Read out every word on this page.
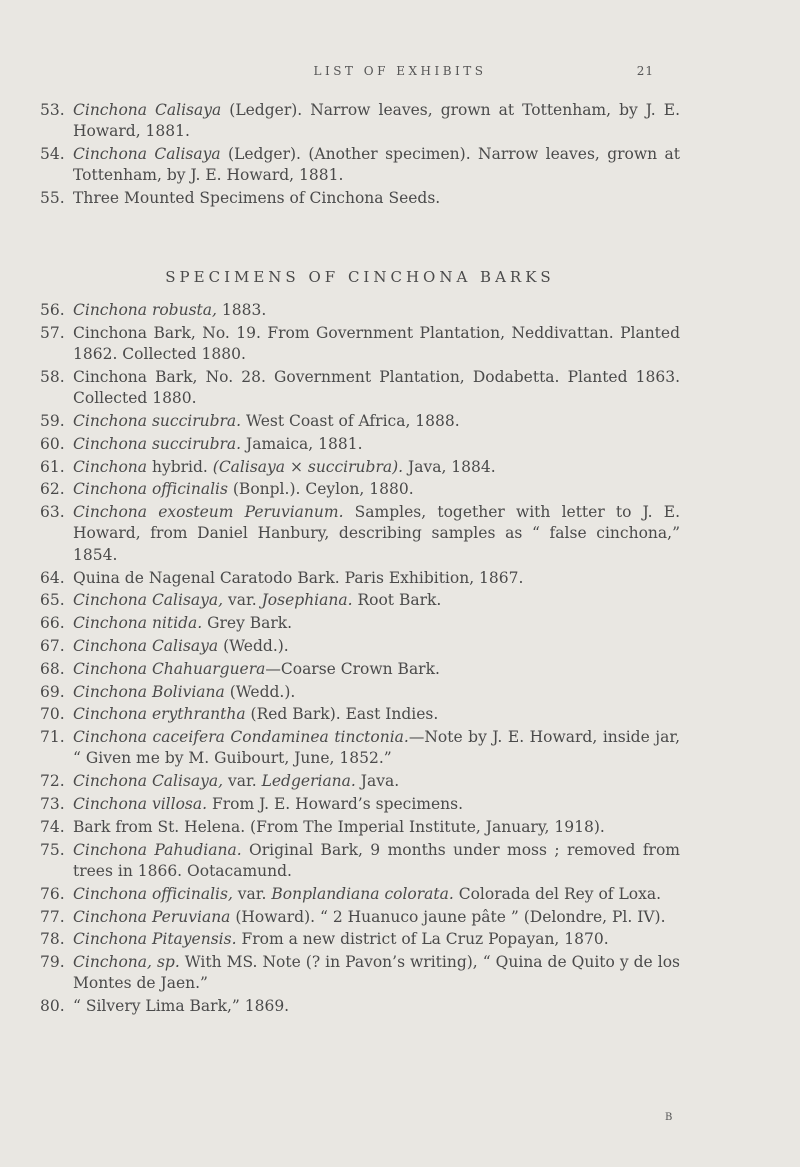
LIST OF EXHIBITS	21
53. Cinchona Calisaya (Ledger). Narrow leaves, grown at Tottenham, by J. E. Howard, 1881.
54. Cinchona Calisaya (Ledger). (Another specimen). Narrow leaves, grown at Tottenham, by J. E. Howard, 1881.
55. Three Mounted Specimens of Cinchona Seeds.
SPECIMENS OF CINCHONA BARKS
56. Cinchona robusta, 1883.
57. Cinchona Bark, No. 19. From Government Plantation, Neddivattan. Planted 1862. Collected 1880.
58. Cinchona Bark, No. 28. Government Plantation, Dodabetta. Planted 1863. Collected 1880.
59. Cinchona succirubra. West Coast of Africa, 1888.
60. Cinchona succirubra. Jamaica, 1881.
61. Cinchona hybrid. (Calisaya × succirubra). Java, 1884.
62. Cinchona officinalis (Bonpl.). Ceylon, 1880.
63. Cinchona exosteum Peruvianum. Samples, together with letter to J. E. Howard, from Daniel Hanbury, describing samples as “ false cinchona,” 1854.
64. Quina de Nagenal Caratodo Bark. Paris Exhibition, 1867.
65. Cinchona Calisaya, var. Josephiana. Root Bark.
66. Cinchona nitida. Grey Bark.
67. Cinchona Calisaya (Wedd.).
68. Cinchona Chahuarguera—Coarse Crown Bark.
69. Cinchona Boliviana (Wedd.).
70. Cinchona erythrantha (Red Bark). East Indies.
71. Cinchona caceifera Condaminea tinctonia.—Note by J. E. Howard, inside jar, “ Given me by M. Guibourt, June, 1852.”
72. Cinchona Calisaya, var. Ledgeriana. Java.
73. Cinchona villosa. From J. E. Howard’s specimens.
74. Bark from St. Helena. (From The Imperial Institute, January, 1918).
75. Cinchona Pahudiana. Original Bark, 9 months under moss ; removed from trees in 1866. Ootacamund.
76. Cinchona officinalis, var. Bonplandiana colorata. Colorada del Rey of Loxa.
77. Cinchona Peruviana (Howard). “ 2 Huanuco jaune pâte ” (Delondre, Pl. IV).
78. Cinchona Pitayensis. From a new district of La Cruz Popayan, 1870.
79. Cinchona, sp. With MS. Note (? in Pavon’s writing), “ Quina de Quito y de los Montes de Jaen.”
80. “ Silvery Lima Bark,” 1869.
B
